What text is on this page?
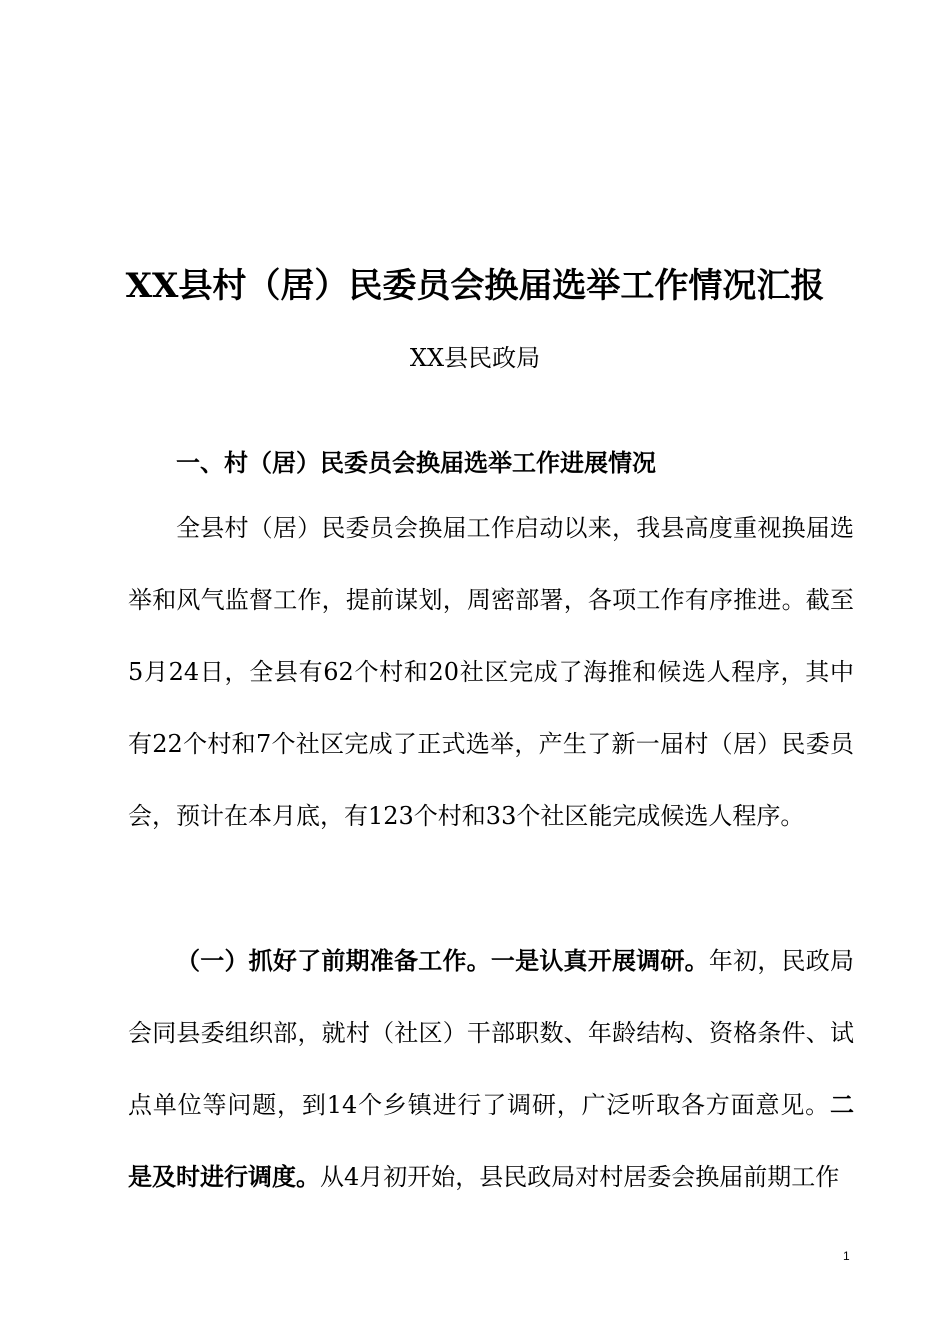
XX县村（居）民委员会换届选举工作情况汇报
XX县民政局
一、村（居）民委员会换届选举工作进展情况
全县村（居）民委员会换届工作启动以来，我县高度重视换届选举和风气监督工作，提前谋划，周密部署，各项工作有序推进。截至5月24日，全县有62个村和20社区完成了海推和候选人程序，其中有22个村和7个社区完成了正式选举，产生了新一届村（居）民委员会，预计在本月底，有123个村和33个社区能完成候选人程序。
（一）抓好了前期准备工作。一是认真开展调研。年初，民政局会同县委组织部，就村（社区）干部职数、年龄结构、资格条件、试点单位等问题，到14个乡镇进行了调研，广泛听取各方面意见。二是及时进行调度。从4月初开始，县民政局对村居委会换届前期工作
1
